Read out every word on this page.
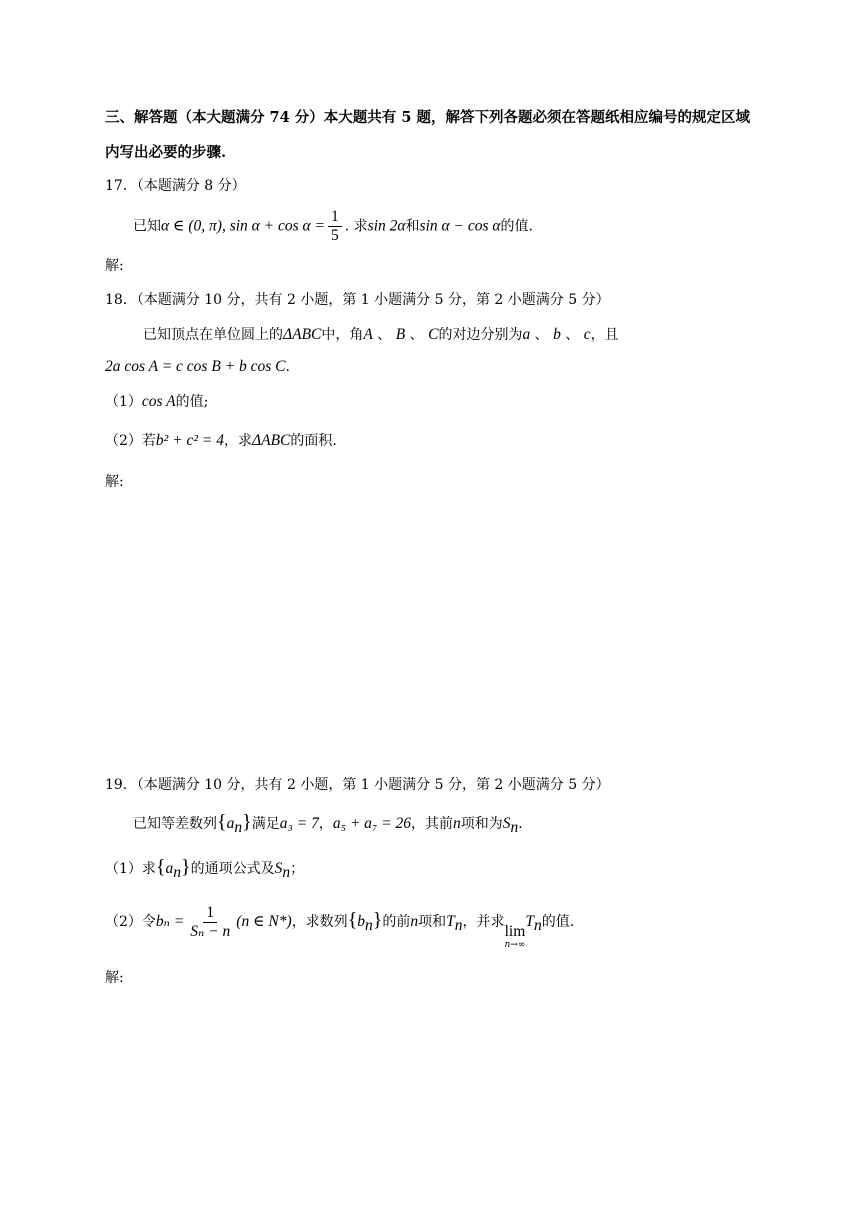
三、解答题（本大题满分 74 分）本大题共有 5 题，解答下列各题必须在答题纸相应编号的规定区域
内写出必要的步骤.
17．（本题满分 8 分）
已知α ∈ (0, π), $\sin \alpha + \cos \alpha = \frac{1}{5}$ . 求sin 2α和sin α − cos α的值.
解:
18．（本题满分 10 分，共有 2 小题，第 1 小题满分 5 分，第 2 小题满分 5 分）
已知顶点在单位圆上的ΔABC中，角A 、 B 、 C的对边分别为a 、 b 、 c，且
2a cos A = c cos B + b cos C.
（1）cos A的值;
（2）若b² + c² = 4，求ΔABC的面积.
解:
19．（本题满分 10 分，共有 2 小题，第 1 小题满分 5 分，第 2 小题满分 5 分）
已知等差数列$\{a_n\}$满足a₃ = 7，a₅ + a₇ = 26，其前n项和为$S_n$.
（1）求$\{a_n\}$的通项公式及$S_n$；
（2）令$b_n = \frac{1}{\text{Sₙ − n}} (n$ ∈ N*)，求数列$\{b_n\}$的前n项和$T_n$，并求
lim
n→∞
$T_n$的值.
解:
